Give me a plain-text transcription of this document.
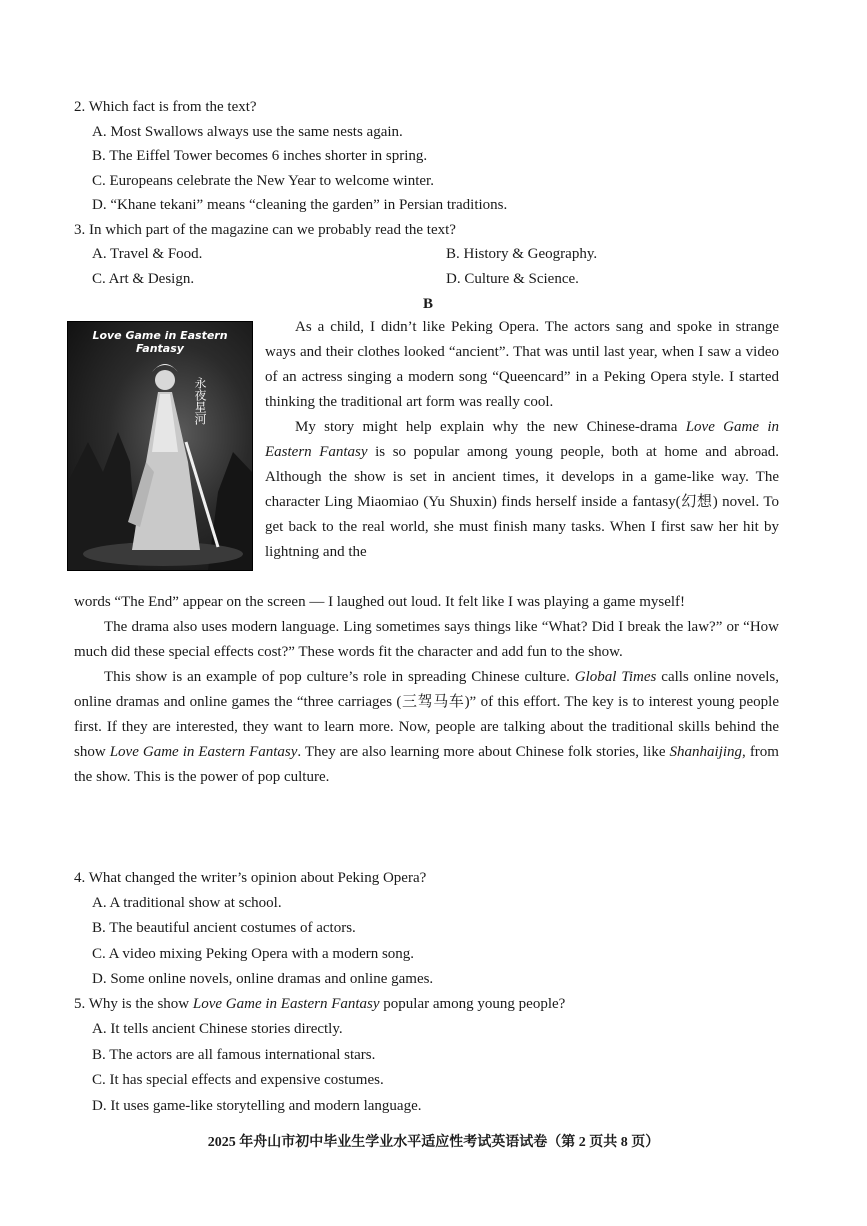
2. Which fact is from the text?
A. Most Swallows always use the same nests again.
B. The Eiffel Tower becomes 6 inches shorter in spring.
C. Europeans celebrate the New Year to welcome winter.
D. “Khane tekani” means “cleaning the garden” in Persian traditions.
3. In which part of the magazine can we probably read the text?
A. Travel & Food.	B. History & Geography.
C. Art & Design.	D. Culture & Science.
B
永夜星河
Love Game in Eastern Fantasy

As a child, I didn’t like Peking Opera. The actors sang and spoke in strange ways and their clothes looked “ancient”. That was until last year, when I saw a video of an actress singing a modern song “Queencard” in a Peking Opera style. I started thinking the traditional art form was really cool.

My story might help explain why the new Chinese-drama Love Game in Eastern Fantasy is so popular among young people, both at home and abroad. Although the show is set in ancient times, it develops in a game-like way. The character Ling Miaomiao (Yu Shuxin) finds herself inside a fantasy(幻想) novel. To get back to the real world, she must finish many tasks. When I first saw her hit by lightning and the

words “The End” appear on the screen — I laughed out loud. It felt like I was playing a game myself!

The drama also uses modern language. Ling sometimes says things like “What? Did I break the law?” or “How much did these special effects cost?” These words fit the character and add fun to the show.

This show is an example of pop culture’s role in spreading Chinese culture. Global Times calls online novels, online dramas and online games the “three carriages (三驾马车)” of this effort. The key is to interest young people first. If they are interested, they want to learn more. Now, people are talking about the traditional skills behind the show Love Game in Eastern Fantasy. They are also learning more about Chinese folk stories, like Shanhaijing, from the show. This is the power of pop culture.

4. What changed the writer’s opinion about Peking Opera?
A. A traditional show at school.
B. The beautiful ancient costumes of actors.
C. A video mixing Peking Opera with a modern song.
D. Some online novels, online dramas and online games.
5. Why is the show Love Game in Eastern Fantasy popular among young people?
A. It tells ancient Chinese stories directly.
B. The actors are all famous international stars.
C. It has special effects and expensive costumes.
D. It uses game-like storytelling and modern language.
2025 年舟山市初中毕业生学业水平适应性考试英语试卷（第 2 页共 8 页）
